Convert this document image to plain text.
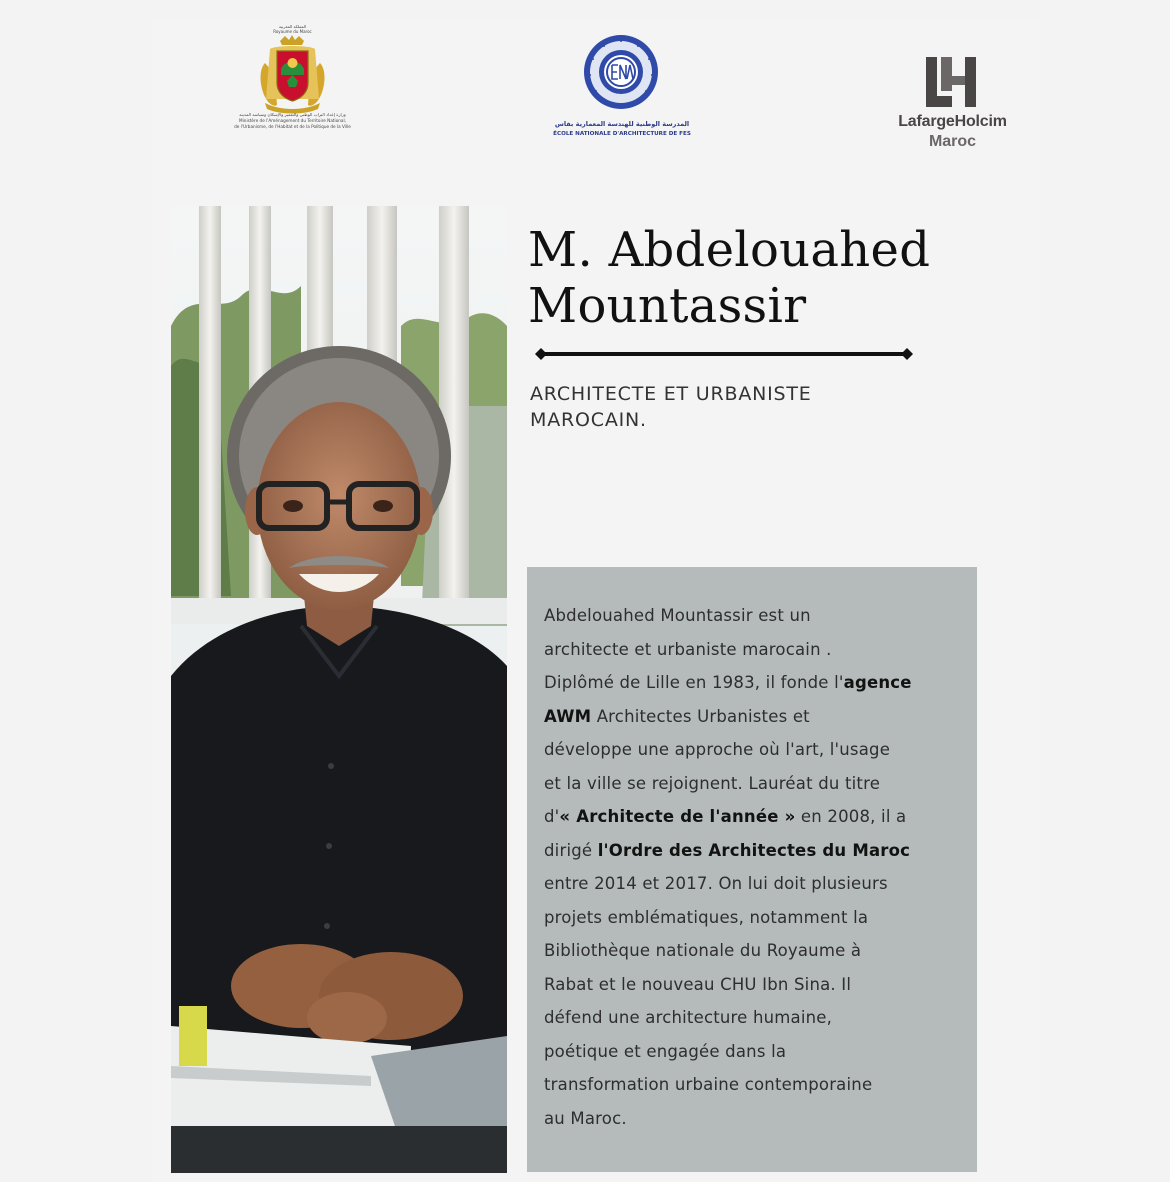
المملكة المغربية
Royaume du Maroc
وزارة إعداد التراب الوطني والتعمير والإسكان وسياسة المدينة
Ministère de l'Aménagement du Territoire National,
de l'Urbanisme, de l'Habitat et de la Politique de la Ville	المدرسة الوطنية للهندسة المعمارية بفاس
ÉCOLE NATIONALE D'ARCHITECTURE DE FES
LafargeHolcim
Maroc
M. Abdelouahed
Mountassir
ARCHITECTE ET URBANISTE
MAROCAIN.
Abdelouahed Mountassir est un
architecte et urbaniste marocain .
Diplômé de Lille en 1983, il fonde l'agence
AWM Architectes Urbanistes et
développe une approche où l'art, l'usage
et la ville se rejoignent. Lauréat du titre
d'« Architecte de l'année » en 2008, il a
dirigé l'Ordre des Architectes du Maroc
entre 2014 et 2017. On lui doit plusieurs
projets emblématiques, notamment la
Bibliothèque nationale du Royaume à
Rabat et le nouveau CHU Ibn Sina. Il
défend une architecture humaine,
poétique et engagée dans la
transformation urbaine contemporaine
au Maroc.
